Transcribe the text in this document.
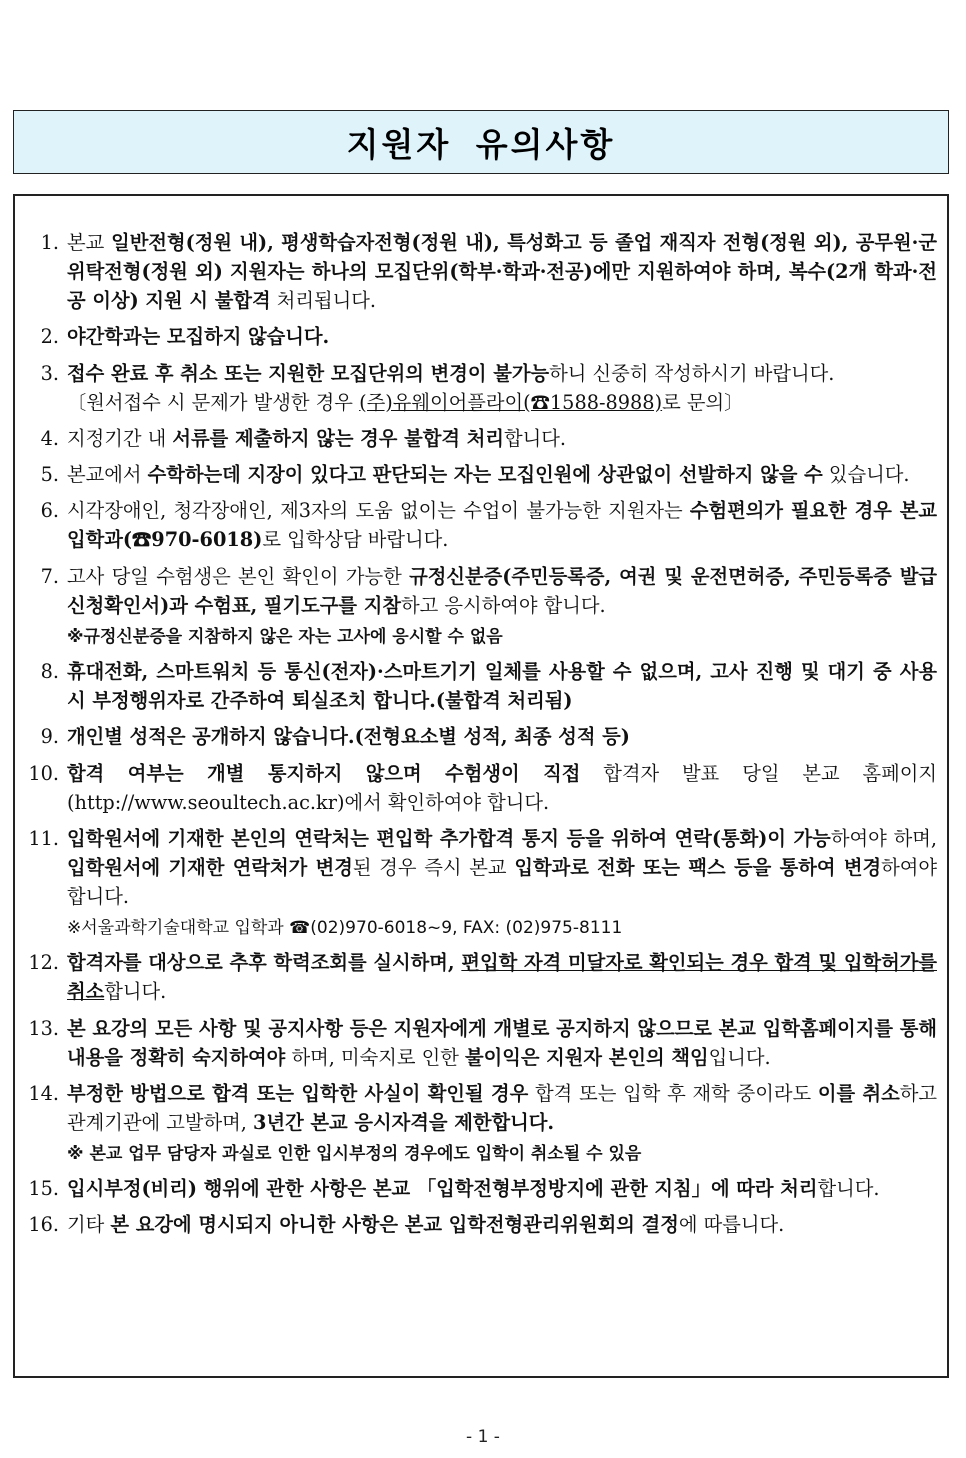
지원자 유의사항
1. 본교 일반전형(정원 내), 평생학습자전형(정원 내), 특성화고 등 졸업 재직자 전형(정원 외), 공무원·군위탁전형(정원 외) 지원자는 하나의 모집단위(학부·학과·전공)에만 지원하여야 하며, 복수(2개 학과·전공 이상) 지원 시 불합격 처리됩니다.
2. 야간학과는 모집하지 않습니다.
3. 접수 완료 후 취소 또는 지원한 모집단위의 변경이 불가능하니 신중히 작성하시기 바랍니다.
〔원서접수 시 문제가 발생한 경우 (주)유웨이어플라이(☎1588-8988)로 문의〕
4. 지정기간 내 서류를 제출하지 않는 경우 불합격 처리합니다.
5. 본교에서 수학하는데 지장이 있다고 판단되는 자는 모집인원에 상관없이 선발하지 않을 수 있습니다.
6. 시각장애인, 청각장애인, 제3자의 도움 없이는 수업이 불가능한 지원자는 수험편의가 필요한 경우 본교 입학과(☎970-6018)로 입학상담 바랍니다.
7. 고사 당일 수험생은 본인 확인이 가능한 규정신분증(주민등록증, 여권 및 운전면허증, 주민등록증 발급신청확인서)과 수험표, 필기도구를 지참하고 응시하여야 합니다.
※규정신분증을 지참하지 않은 자는 고사에 응시할 수 없음
8. 휴대전화, 스마트워치 등 통신(전자)·스마트기기 일체를 사용할 수 없으며, 고사 진행 및 대기 중 사용시 부정행위자로 간주하여 퇴실조치 합니다.(불합격 처리됨)
9. 개인별 성적은 공개하지 않습니다.(전형요소별 성적, 최종 성적 등)
10. 합격 여부는 개별 통지하지 않으며 수험생이 직접 합격자 발표 당일 본교 홈페이지 (http://www.seoultech.ac.kr)에서 확인하여야 합니다.
11. 입학원서에 기재한 본인의 연락처는 편입학 추가합격 통지 등을 위하여 연락(통화)이 가능하여야 하며, 입학원서에 기재한 연락처가 변경된 경우 즉시 본교 입학과로 전화 또는 팩스 등을 통하여 변경하여야 합니다.
※서울과학기술대학교 입학과 ☎(02)970-6018~9, FAX: (02)975-8111
12. 합격자를 대상으로 추후 학력조회를 실시하며, 편입학 자격 미달자로 확인되는 경우 합격 및 입학허가를 취소합니다.
13. 본 요강의 모든 사항 및 공지사항 등은 지원자에게 개별로 공지하지 않으므로 본교 입학홈페이지를 통해 내용을 정확히 숙지하여야 하며, 미숙지로 인한 불이익은 지원자 본인의 책임입니다.
14. 부정한 방법으로 합격 또는 입학한 사실이 확인될 경우 합격 또는 입학 후 재학 중이라도 이를 취소하고 관계기관에 고발하며, 3년간 본교 응시자격을 제한합니다.
※ 본교 업무 담당자 과실로 인한 입시부정의 경우에도 입학이 취소될 수 있음
15. 입시부정(비리) 행위에 관한 사항은 본교 「입학전형부정방지에 관한 지침」에 따라 처리합니다.
16. 기타 본 요강에 명시되지 아니한 사항은 본교 입학전형관리위원회의 결정에 따릅니다.
- 1 -
